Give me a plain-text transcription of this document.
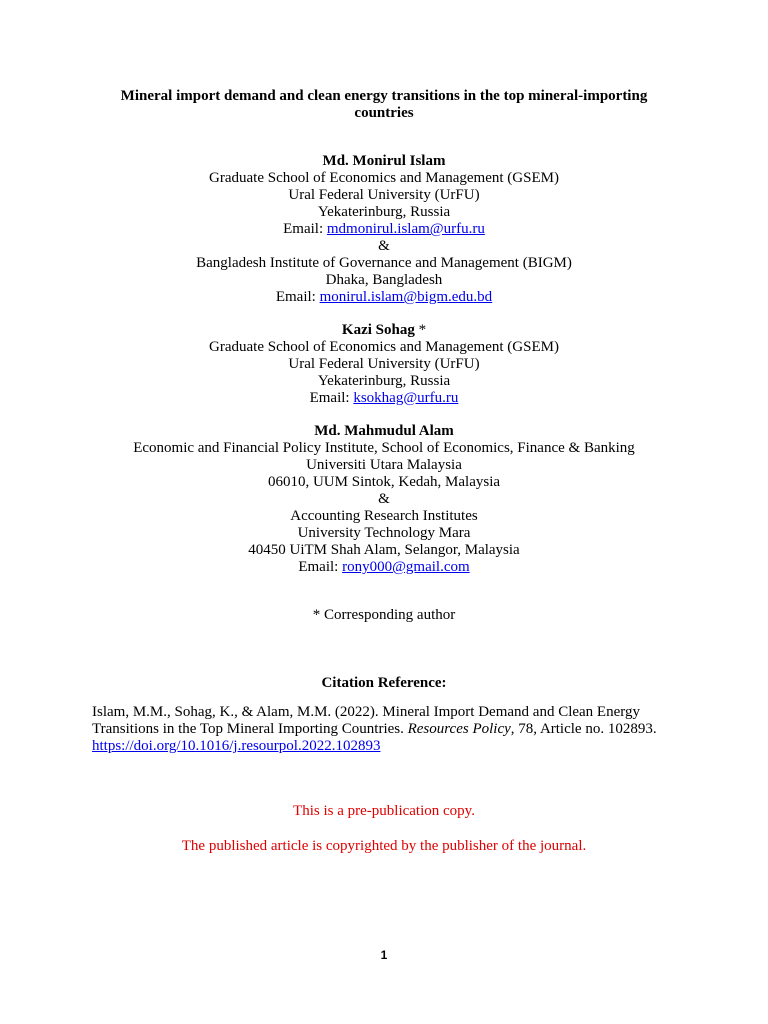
Mineral import demand and clean energy transitions in the top mineral-importing
countries
Md. Monirul Islam
Graduate School of Economics and Management (GSEM)
Ural Federal University (UrFU)
Yekaterinburg, Russia
Email: mdmonirul.islam@urfu.ru
&
Bangladesh Institute of Governance and Management (BIGM)
Dhaka, Bangladesh
Email: monirul.islam@bigm.edu.bd
Kazi Sohag *
Graduate School of Economics and Management (GSEM)
Ural Federal University (UrFU)
Yekaterinburg, Russia
Email: ksokhag@urfu.ru
Md. Mahmudul Alam
Economic and Financial Policy Institute, School of Economics, Finance & Banking
Universiti Utara Malaysia
06010, UUM Sintok, Kedah, Malaysia
&
Accounting Research Institutes
University Technology Mara
40450 UiTM Shah Alam, Selangor, Malaysia
Email: rony000@gmail.com
* Corresponding author
Citation Reference:
Islam, M.M., Sohag, K., & Alam, M.M. (2022). Mineral Import Demand and Clean Energy
Transitions in the Top Mineral Importing Countries. Resources Policy, 78, Article no. 102893.
https://doi.org/10.1016/j.resourpol.2022.102893
This is a pre-publication copy.
The published article is copyrighted by the publisher of the journal.
1
